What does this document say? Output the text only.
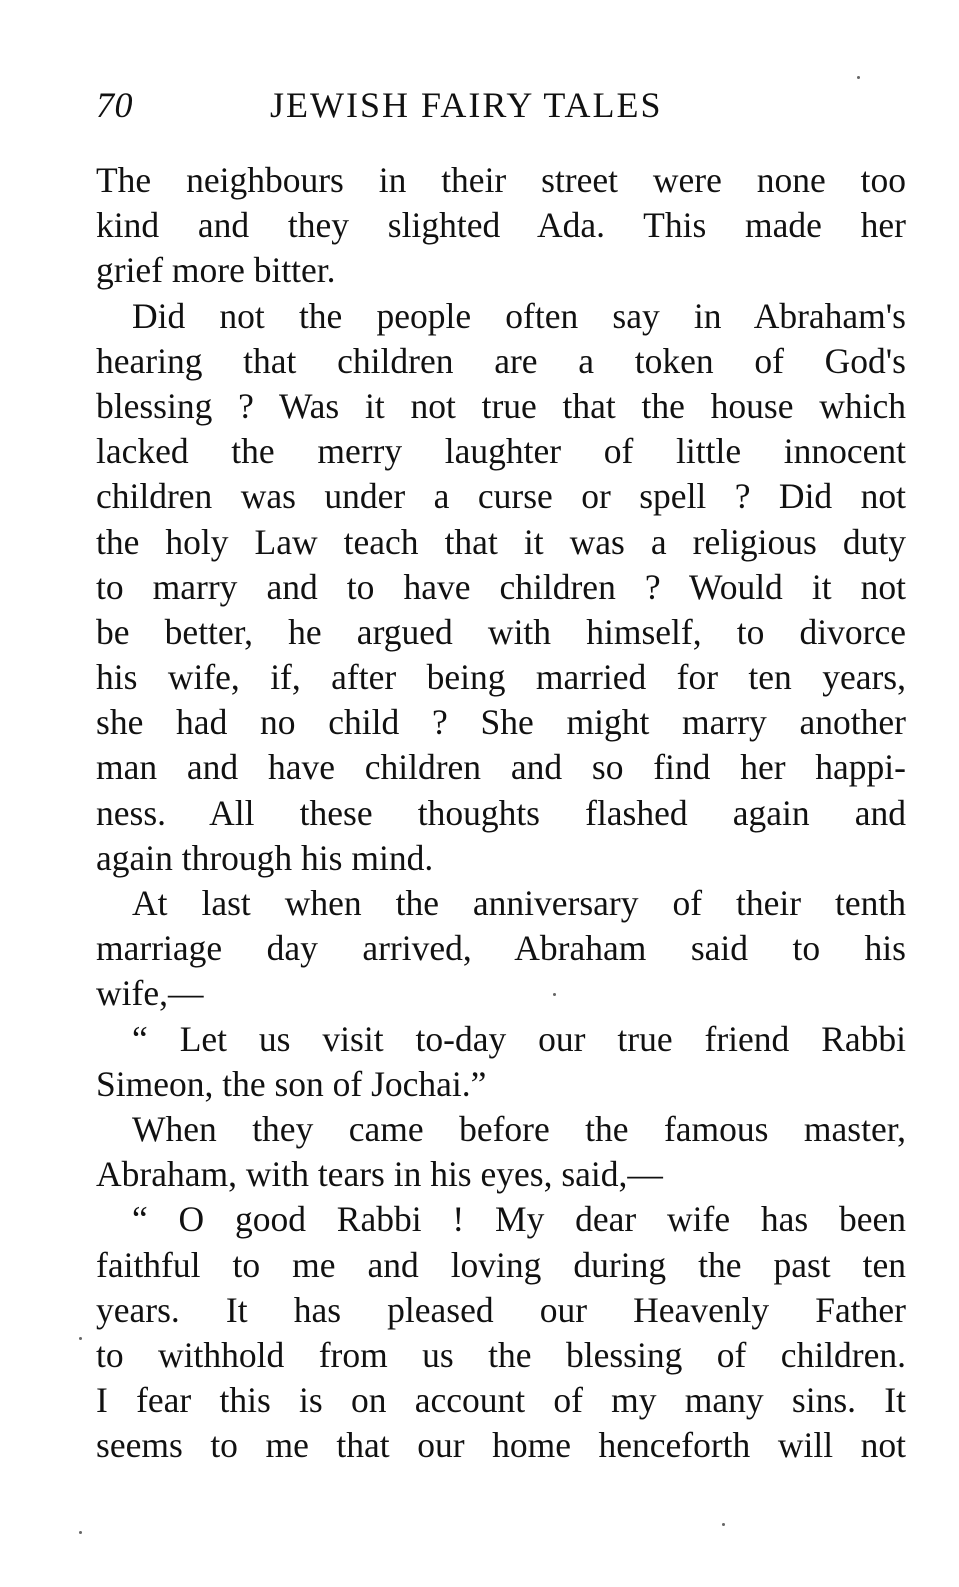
70	JEWISH FAIRY TALES
The neighbours in their street were none too
kind and they slighted Ada. This made her
grief more bitter.
Did not the people often say in Abraham's
hearing that children are a token of God's
blessing ? Was it not true that the house which
lacked the merry laughter of little innocent
children was under a curse or spell ? Did not
the holy Law teach that it was a religious duty
to marry and to have children ? Would it not
be better, he argued with himself, to divorce
his wife, if, after being married for ten years,
she had no child ? She might marry another
man and have children and so find her happi-
ness. All these thoughts flashed again and
again through his mind.
At last when the anniversary of their tenth
marriage day arrived, Abraham said to his
wife,—
“ Let us visit to-day our true friend Rabbi
Simeon, the son of Jochai.”
When they came before the famous master,
Abraham, with tears in his eyes, said,—
“ O good Rabbi ! My dear wife has been
faithful to me and loving during the past ten
years. It has pleased our Heavenly Father
to withhold from us the blessing of children.
I fear this is on account of my many sins. It
seems to me that our home henceforth will not
